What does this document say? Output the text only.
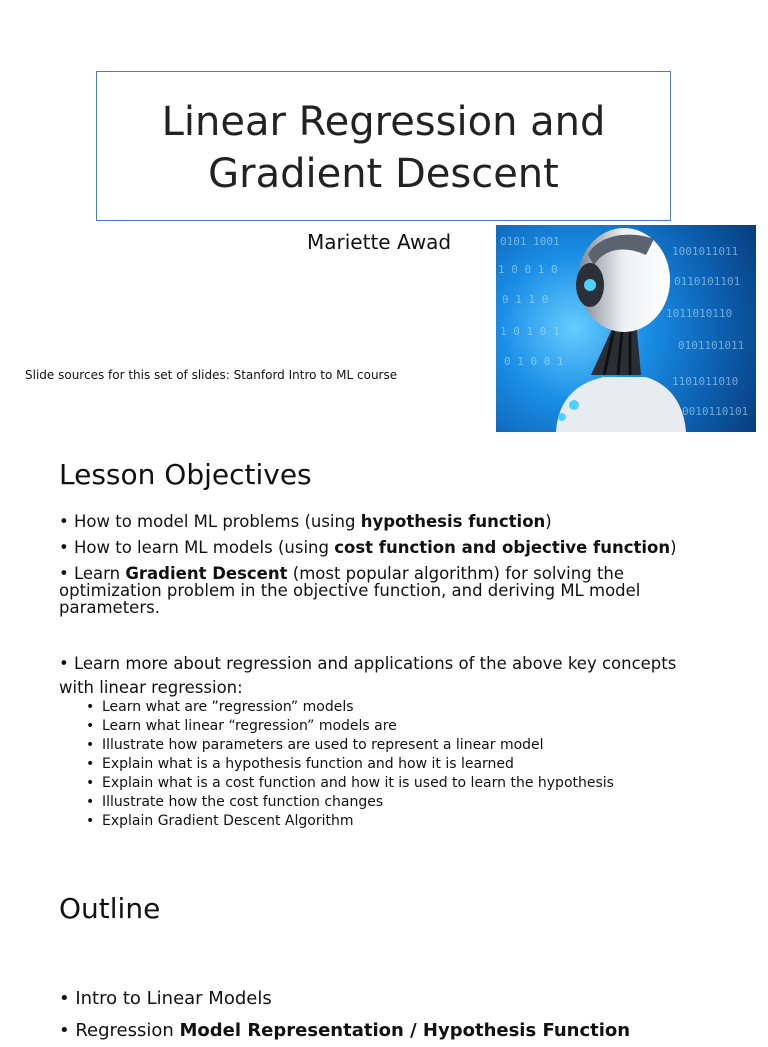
Linear Regression and
Gradient Descent
Mariette Awad
Slide sources for this set of slides: Stanford Intro to ML course
0101 1001
1 0 0 1 0
0 1 1 0
1 0 1 0 1
0 1 0 0 1
1001011011
0110101101
1011010110
0101101011
1101011010
0010110101
Lesson Objectives

• How to model ML problems (using hypothesis function)

• How to learn ML models (using cost function and objective function)

• Learn Gradient Descent (most popular algorithm) for solving the optimization problem in the objective function, and deriving ML model parameters.

• Learn more about regression and applications of the above key concepts with linear regression:
• Learn what are ”regression” models
• Learn what linear “regression” models are
• Illustrate how parameters are used to represent a linear model
• Explain what is a hypothesis function and how it is learned
• Explain what is a cost function and how it is used to learn the hypothesis
• Illustrate how the cost function changes
• Explain Gradient Descent Algorithm
Outline
• Intro to Linear Models
• Regression Model Representation / Hypothesis Function
